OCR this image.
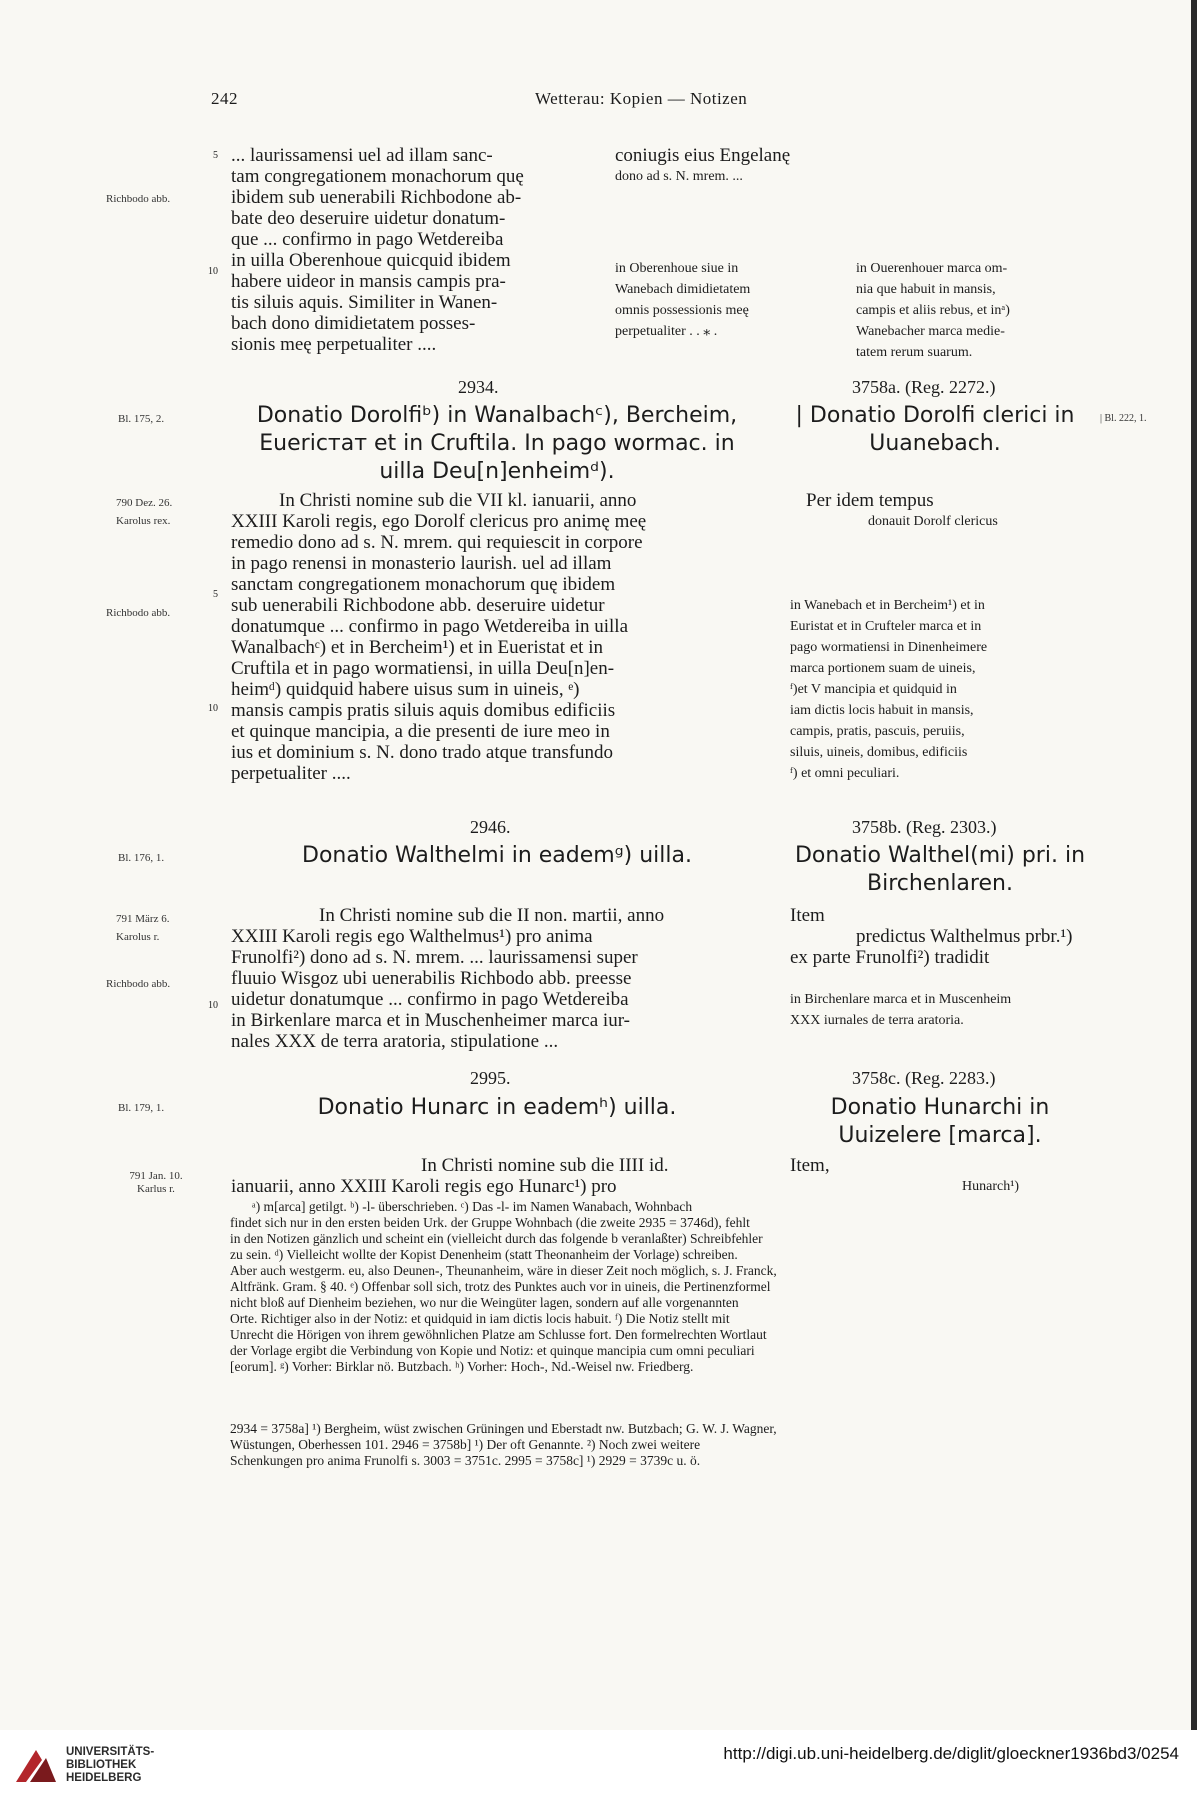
242	Wetterau: Kopien — Notizen
5
Richbodo abb.
10
... laurissamensi uel ad illam sanc-
tam congregationem monachorum quę
ibidem sub uenerabili Richbodone ab-
bate deo deseruire uidetur donatum-
que ... confirmo in pago Wetdereiba
in uilla Oberenhoue quicquid ibidem
habere uideor in mansis campis pra-
tis siluis aquis. Similiter in Wanen-
bach dono dimidietatem posses-
sionis meę perpetualiter ....
coniugis eius Engelanę
dono ad s. N. mrem. ...
in Oberenhoue siue in
Wanebach dimidietatem
omnis possessionis meę
perpetualiter . . ⁎ .
in Ouerenhouer marca om-
nia que habuit in mansis,
campis et aliis rebus, et inᵃ)
Wanebacher marca medie-
tatem rerum suarum.
2934.	3758a. (Reg. 2272.)
Bl. 175, 2.	| Bl. 222, 1.
Donatio Dorolfiᵇ) in Wanalbachᶜ), Bercheim,
Euerістат et in Cruftila. In pago wormac. in
uilla Deu[n]enheimᵈ).
| Donatio Dorolfi clerici in
Uuanebach.
790 Dez. 26.
Karolus rex.
Richbodo abb.
5
10
In Christi nomine sub die VII kl. ianuarii, anno
XXIII Karoli regis, ego Dorolf clericus pro animę meę
remedio dono ad s. N. mrem. qui requiescit in corpore
in pago renensi in monasterio laurish. uel ad illam
sanctam congregationem monachorum quę ibidem
sub uenerabili Richbodone abb. deseruire uidetur
donatumque ... confirmo in pago Wetdereiba in uilla
Wanalbachᶜ) et in Bercheim¹) et in Euerіstat et in
Cruftila et in pago wormatiensi, in uilla Deu[n]en-
heimᵈ) quidquid habere uisus sum in uineis, ᵉ)
mansis campis pratis siluis aquis domibus edificiis
et quinque mancipia, a die presenti de iure meo in
ius et dominium s. N. dono trado atque transfundo
perpetualiter ....
Per idem tempus
donauit Dorolf clericus
in Wanebach et in Bercheim¹) et in
Euristat et in Crufteler marca et in
pago wormatiensi in Dinenheimere
marca portionem suam de uineis,
ᶠ)et V mancipia et quidquid in
iam dictis locis habuit in mansis,
campis, pratis, pascuis, peruiis,
siluis, uineis, domibus, edificiis
ᶠ) et omni peculiari.
2946.	3758b. (Reg. 2303.)
Bl. 176, 1.	Donatio Walthelmi in eademᵍ) uilla.	Donatio Walthel(mi) pri. in
Birchenlaren.
791 März 6.
Karolus r.
Richbodo abb.
10
In Christi nomine sub die II non. martii, anno
XXIII Karoli regis ego Walthelmus¹) pro anima
Frunolfi²) dono ad s. N. mrem. ... laurissamensi super
fluuio Wisgoz ubi uenerabilis Richbodo abb. preesse
uidetur donatumque ... confirmo in pago Wetdereiba
in Birkenlare marca et in Muschenheimer marca iur-
nales XXX de terra aratoria, stipulatione ...
Item
predictus Walthelmus prbr.¹)
ex parte Frunolfi²) tradidit
in Birchenlare marca et in Muscenheim
XXX iurnales de terra aratoria.
2995.	3758c. (Reg. 2283.)
Bl. 179, 1.	Donatio Hunarc in eademʰ) uilla.	Donatio Hunarchi in
Uuizelere [marca].
791 Jan. 10.
Karlus r.
In Christi nomine sub die IIII id.
ianuarii, anno XXIII Karoli regis ego Hunarc¹) pro
Item,
Hunarch¹)
ᵃ) m[arca] getilgt. ᵇ) -l- überschrieben. ᶜ) Das -l- im Namen Wanabach, Wohnbach
findet sich nur in den ersten beiden Urk. der Gruppe Wohnbach (die zweite 2935 = 3746d), fehlt
in den Notizen gänzlich und scheint ein (vielleicht durch das folgende b veranlaßter) Schreibfehler
zu sein. ᵈ) Vielleicht wollte der Kopist Denenheim (statt Theonanheim der Vorlage) schreiben.
Aber auch westgerm. eu, also Deunen-, Theunanheim, wäre in dieser Zeit noch möglich, s. J. Franck,
Altfränk. Gram. § 40. ᵉ) Offenbar soll sich, trotz des Punktes auch vor in uineis, die Pertinenzformel
nicht bloß auf Dienheim beziehen, wo nur die Weingüter lagen, sondern auf alle vorgenannten
Orte. Richtiger also in der Notiz: et quidquid in iam dictis locis habuit. ᶠ) Die Notiz stellt mit
Unrecht die Hörigen von ihrem gewöhnlichen Platze am Schlusse fort. Den formelrechten Wortlaut
der Vorlage ergibt die Verbindung von Kopie und Notiz: et quinque mancipia cum omni peculiari
[eorum]. ᵍ) Vorher: Birklar nö. Butzbach. ʰ) Vorher: Hoch-, Nd.-Weisel nw. Friedberg.
2934 = 3758a] ¹) Bergheim, wüst zwischen Grüningen und Eberstadt nw. Butzbach; G. W. J. Wagner,
Wüstungen, Oberhessen 101. 2946 = 3758b] ¹) Der oft Genannte. ²) Noch zwei weitere
Schenkungen pro anima Frunolfi s. 3003 = 3751c. 2995 = 3758c] ¹) 2929 = 3739c u. ö.
UNIVERSITÄTS-
BIBLIOTHEK
HEIDELBERG
http://digi.ub.uni-heidelberg.de/diglit/gloeckner1936bd3/0254
